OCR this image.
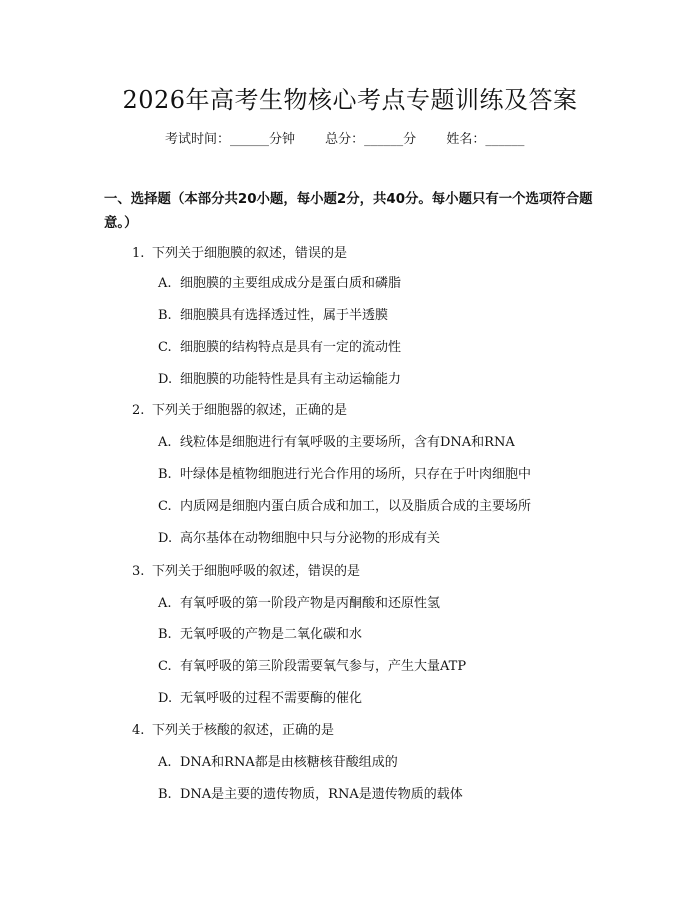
2026年高考生物核心考点专题训练及答案
考试时间：______分钟 总分：______分 姓名：______
一、选择题（本部分共20小题，每小题2分，共40分。每小题只有一个选项符合题意。）
1. 下列关于细胞膜的叙述，错误的是
A. 细胞膜的主要组成成分是蛋白质和磷脂
B. 细胞膜具有选择透过性，属于半透膜
C. 细胞膜的结构特点是具有一定的流动性
D. 细胞膜的功能特性是具有主动运输能力
2. 下列关于细胞器的叙述，正确的是
A. 线粒体是细胞进行有氧呼吸的主要场所，含有DNA和RNA
B. 叶绿体是植物细胞进行光合作用的场所，只存在于叶肉细胞中
C. 内质网是细胞内蛋白质合成和加工，以及脂质合成的主要场所
D. 高尔基体在动物细胞中只与分泌物的形成有关
3. 下列关于细胞呼吸的叙述，错误的是
A. 有氧呼吸的第一阶段产物是丙酮酸和还原性氢
B. 无氧呼吸的产物是二氧化碳和水
C. 有氧呼吸的第三阶段需要氧气参与，产生大量ATP
D. 无氧呼吸的过程不需要酶的催化
4. 下列关于核酸的叙述，正确的是
A. DNA和RNA都是由核糖核苷酸组成的
B. DNA是主要的遗传物质，RNA是遗传物质的载体
